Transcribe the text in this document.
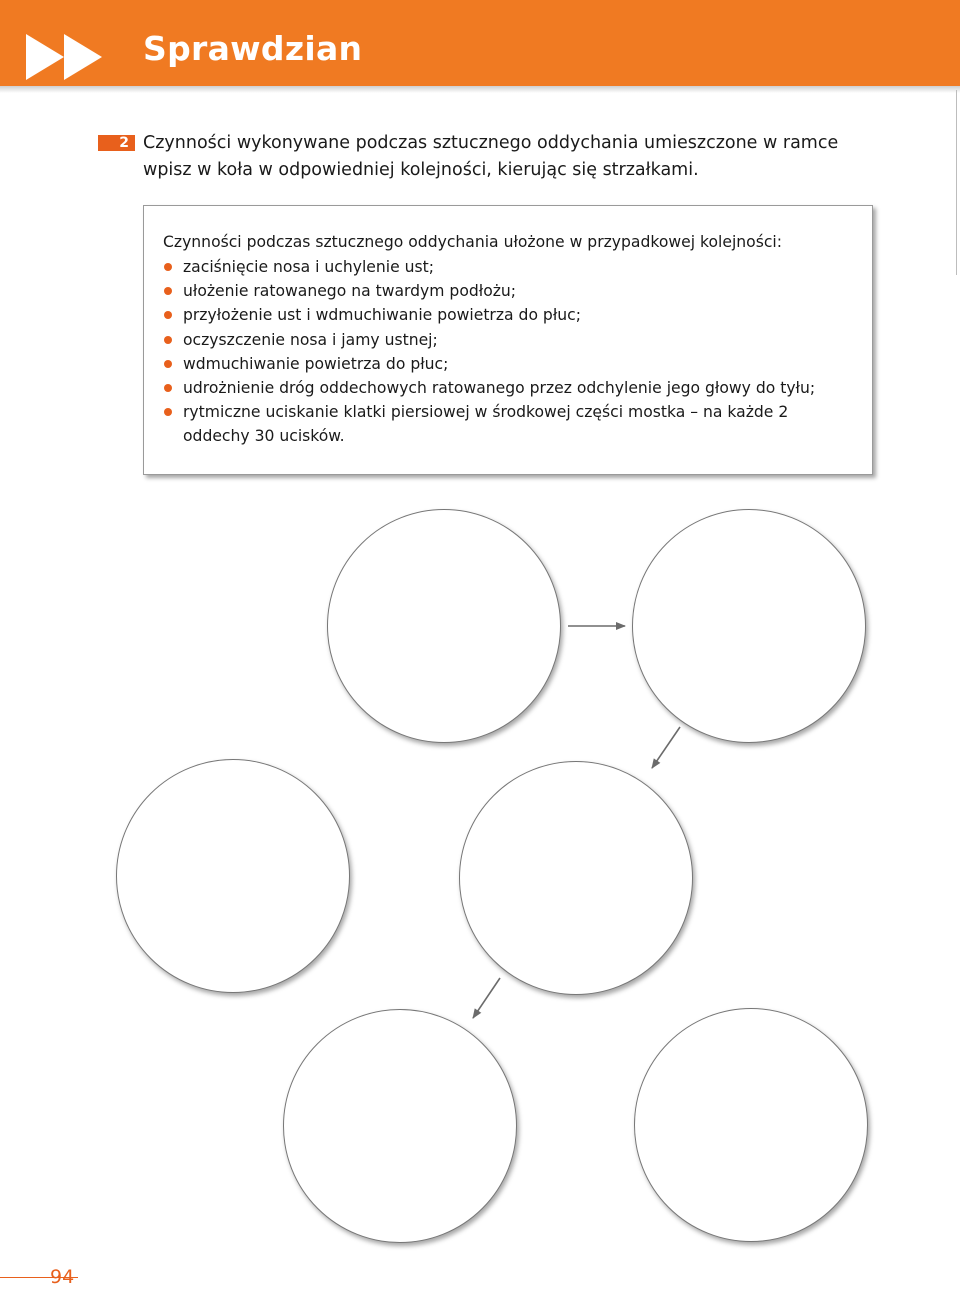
Sprawdzian
2 Czynności wykonywane podczas sztucznego oddychania umieszczone w ramce
wpisz w koła w odpowiedniej kolejności, kierując się strzałkami.
Czynności podczas sztucznego oddychania ułożone w przypadkowej kolejności:
zaciśnięcie nosa i uchylenie ust;
ułożenie ratowanego na twardym podłożu;
przyłożenie ust i wdmuchiwanie powietrza do płuc;
oczyszczenie nosa i jamy ustnej;
wdmuchiwanie powietrza do płuc;
udrożnienie dróg oddechowych ratowanego przez odchylenie jego głowy do tyłu;
rytmiczne uciskanie klatki piersiowej w środkowej części mostka – na każde 2 oddechy 30 ucisków.
94
